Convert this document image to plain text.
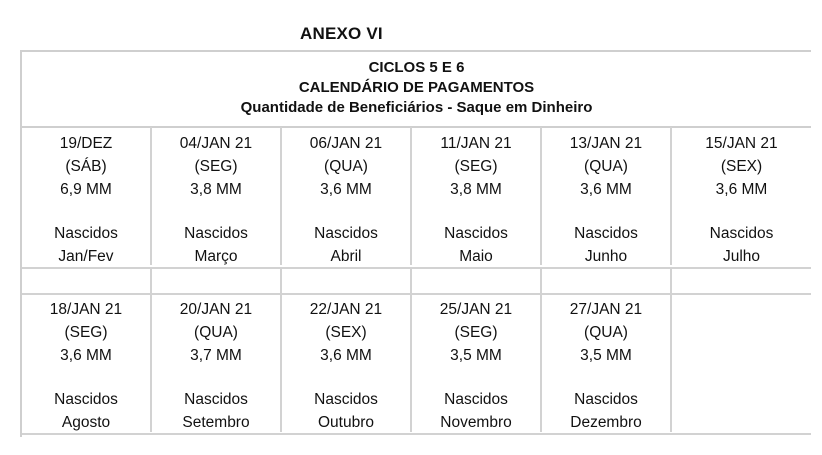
ANEXO VI
CICLOS 5 E 6
CALENDÁRIO DE PAGAMENTOS
Quantidade de Beneficiários - Saque em Dinheiro

19/DEZ

(SÁB)

6,9 MM

Nascidos

Jan/Fev

04/JAN 21

(SEG)

3,8 MM

Nascidos

Março

06/JAN 21

(QUA)

3,6 MM

Nascidos

Abril

11/JAN 21

(SEG)

3,8 MM

Nascidos

Maio

13/JAN 21

(QUA)

3,6 MM

Nascidos

Junho

15/JAN 21

(SEX)

3,6 MM

Nascidos

Julho

18/JAN 21

(SEG)

3,6 MM

Nascidos

Agosto

20/JAN 21

(QUA)

3,7 MM

Nascidos

Setembro

22/JAN 21

(SEX)

3,6 MM

Nascidos

Outubro

25/JAN 21

(SEG)

3,5 MM

Nascidos

Novembro

27/JAN 21

(QUA)

3,5 MM

Nascidos

Dezembro
